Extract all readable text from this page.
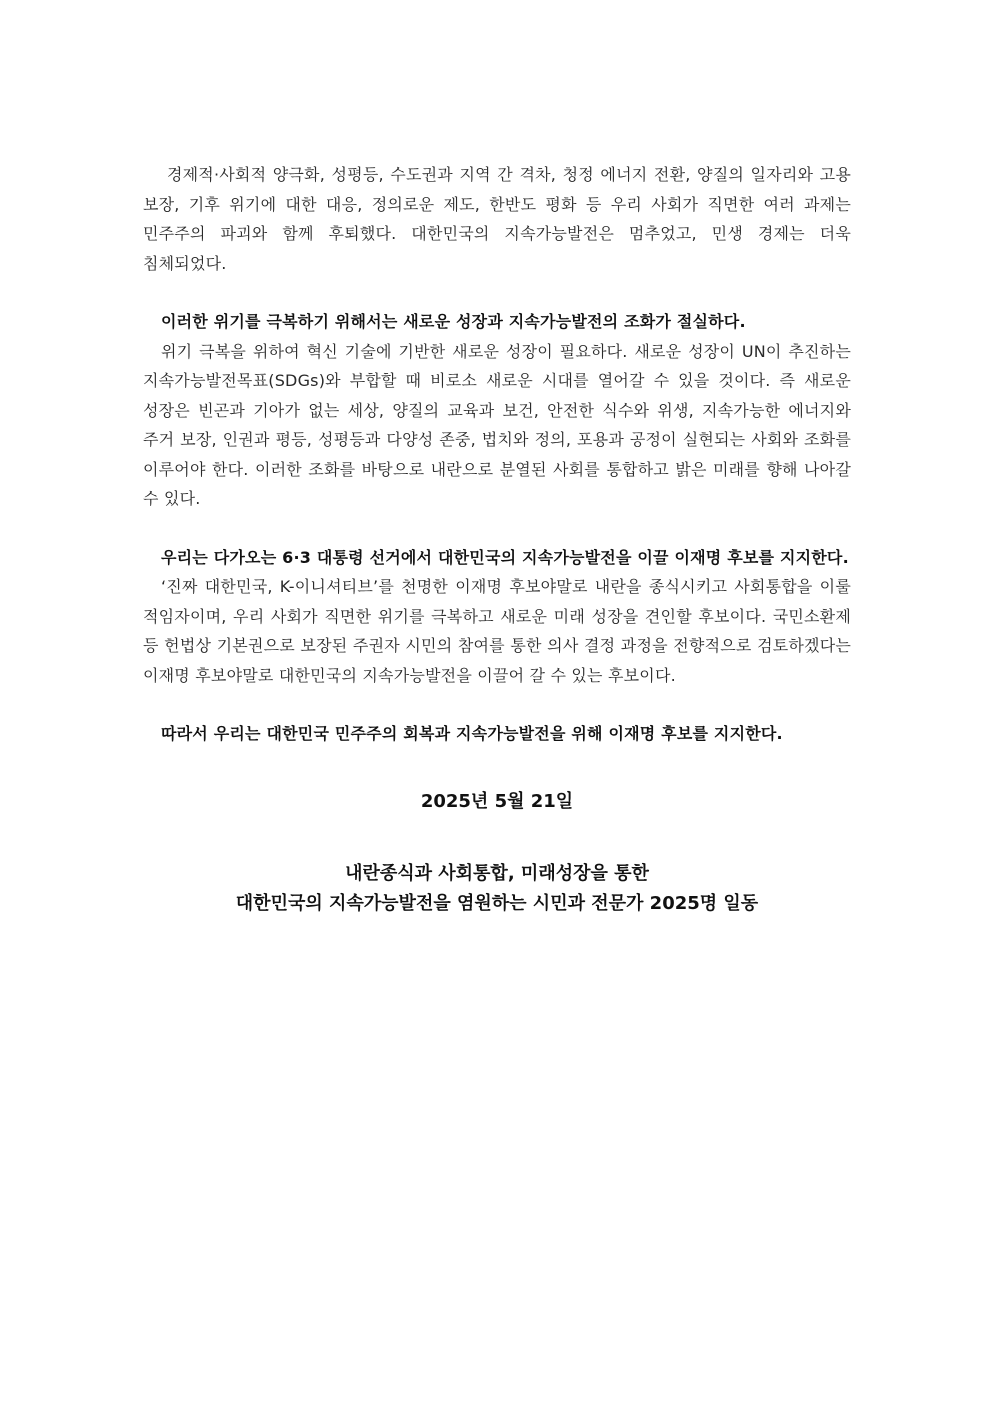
경제적·사회적 양극화, 성평등, 수도권과 지역 간 격차, 청정 에너지 전환, 양질의 일자리와 고용 보장, 기후 위기에 대한 대응, 정의로운 제도, 한반도 평화 등 우리 사회가 직면한 여러 과제는 민주주의 파괴와 함께 후퇴했다. 대한민국의 지속가능발전은 멈추었고, 민생 경제는 더욱 침체되었다.

이러한 위기를 극복하기 위해서는 새로운 성장과 지속가능발전의 조화가 절실하다.

위기 극복을 위하여 혁신 기술에 기반한 새로운 성장이 필요하다. 새로운 성장이 UN이 추진하는 지속가능발전목표(SDGs)와 부합할 때 비로소 새로운 시대를 열어갈 수 있을 것이다. 즉 새로운 성장은 빈곤과 기아가 없는 세상, 양질의 교육과 보건, 안전한 식수와 위생, 지속가능한 에너지와 주거 보장, 인권과 평등, 성평등과 다양성 존중, 법치와 정의, 포용과 공정이 실현되는 사회와 조화를 이루어야 한다. 이러한 조화를 바탕으로 내란으로 분열된 사회를 통합하고 밝은 미래를 향해 나아갈 수 있다.

우리는 다가오는 6·3 대통령 선거에서 대한민국의 지속가능발전을 이끌 이재명 후보를 지지한다.

‘진짜 대한민국, K-이니셔티브’를 천명한 이재명 후보야말로 내란을 종식시키고 사회통합을 이룰 적임자이며, 우리 사회가 직면한 위기를 극복하고 새로운 미래 성장을 견인할 후보이다. 국민소환제 등 헌법상 기본권으로 보장된 주권자 시민의 참여를 통한 의사 결정 과정을 전향적으로 검토하겠다는 이재명 후보야말로 대한민국의 지속가능발전을 이끌어 갈 수 있는 후보이다.

따라서 우리는 대한민국 민주주의 회복과 지속가능발전을 위해 이재명 후보를 지지한다.

2025년 5월 21일

내란종식과 사회통합, 미래성장을 통한
대한민국의 지속가능발전을 염원하는 시민과 전문가 2025명 일동
